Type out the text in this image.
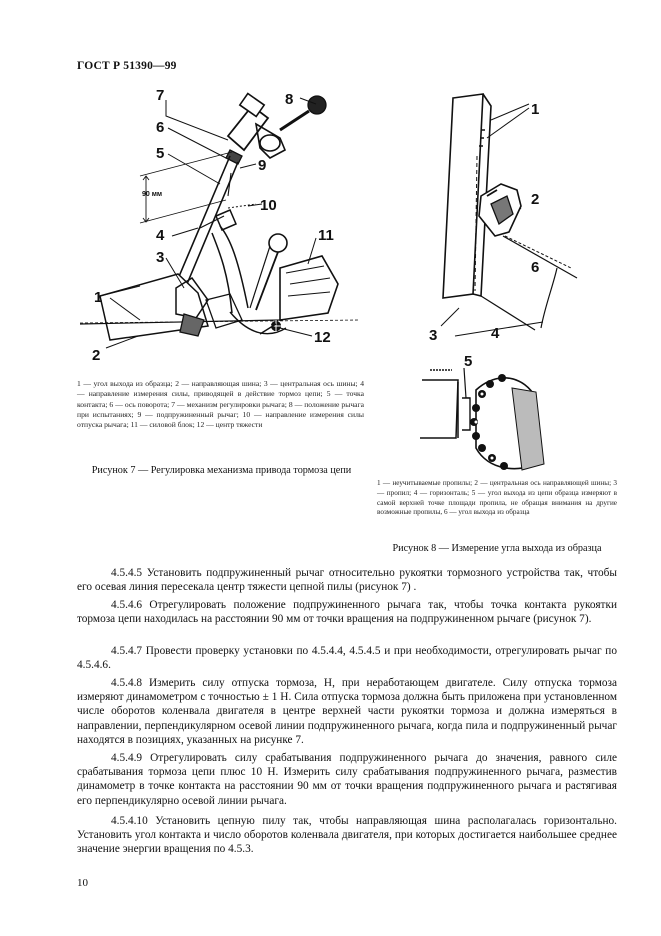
ГОСТ Р 51390—99
7	8
6
5
9
10
4	11
3
1
12
2
90 мм
1 — угол выхода из образца; 2 — направляющая шина; 3 — центральная ось шины; 4 — направление измерения силы, приводящей в действие тормоз цепи; 5 — точка контакта; 6 — ось поворота; 7 — механизм регулировки рычага; 8 — положение рычага при испытаниях; 9 — подпружиненный рычаг; 10 — направление измерения силы отпуска рычага; 11 — силовой блок; 12 — центр тяжести
Рисунок 7 — Регулировка механизма привода тормоза цепи
1
2
6
3	4
5
1 — неучитываемые пропилы; 2 — центральная ось направляющей шины; 3 — пропил; 4 — горизонталь; 5 — угол выхода из цепи образца измеряют в самой верхней точке площади пропила, не обращая внимания на другие возможные пропилы, 6 — угол выхода из образца
Рисунок 8 — Измерение угла выхода из образца

4.5.4.5 Установить подпружиненный рычаг относительно рукоятки тормозного устройства так, чтобы его осевая линия пересекала центр тяжести цепной пилы (рисунок 7) .

4.5.4.6 Отрегулировать положение подпружиненного рычага так, чтобы точка контакта рукоятки тормоза цепи находилась на расстоянии 90 мм от точки вращения на подпружиненном рычаге (рисунок 7).

4.5.4.7 Провести проверку установки по 4.5.4.4, 4.5.4.5 и при необходимости, отрегулировать рычаг по 4.5.4.6.

4.5.4.8 Измерить силу отпуска тормоза, Н, при неработающем двигателе. Силу отпуска тормоза измеряют динамометром с точностью ± 1 Н. Сила отпуска тормоза должна быть приложена при установленном числе оборотов коленвала двигателя в центре верхней части рукоятки тормоза и должна измеряться в направлении, перпендикулярном осевой линии подпружиненного рычага, когда пила и подпружиненный рычаг находятся в позициях, указанных на рисунке 7.

4.5.4.9 Отрегулировать силу срабатывания подпружиненного рычага до значения, равного силе срабатывания тормоза цепи плюс 10 Н. Измерить силу срабатывания подпружиненного рычага, разместив динамометр в точке контакта на расстоянии 90 мм от точки вращения подпружиненного рычага и растягивая его перпендикулярно осевой линии рычага.

4.5.4.10 Установить цепную пилу так, чтобы направляющая шина располагалась горизонтально. Установить угол контакта и число оборотов коленвала двигателя, при которых достигается наибольшее среднее значение энергии вращения по 4.5.3.

10
